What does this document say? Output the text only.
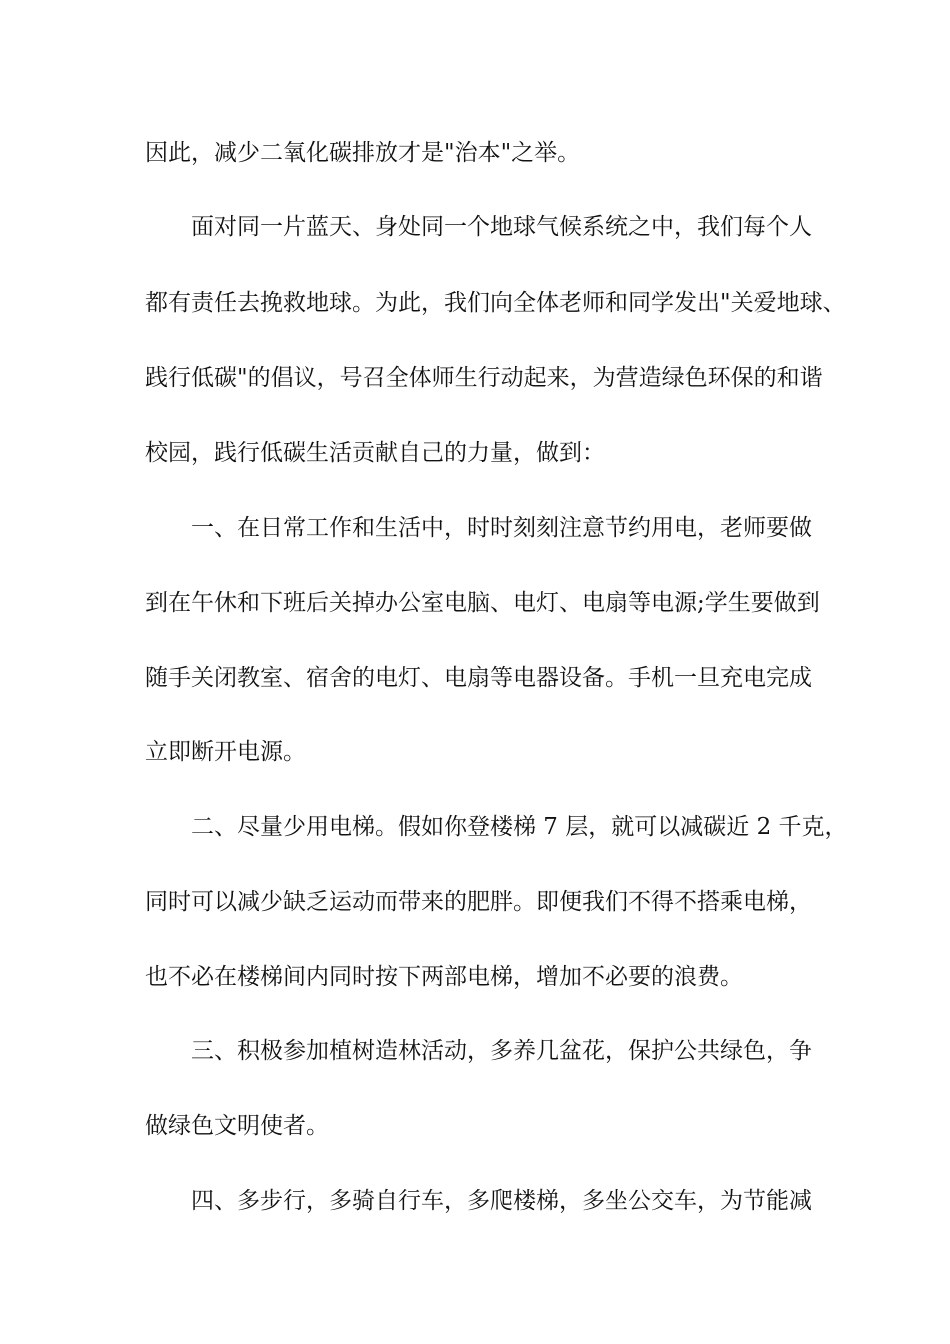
因此，减少二氧化碳排放才是"治本"之举。
面对同一片蓝天、身处同一个地球气候系统之中，我们每个人
都有责任去挽救地球。为此，我们向全体老师和同学发出"关爱地球、
践行低碳"的倡议，号召全体师生行动起来，为营造绿色环保的和谐
校园，践行低碳生活贡献自己的力量，做到：
一、在日常工作和生活中，时时刻刻注意节约用电，老师要做
到在午休和下班后关掉办公室电脑、电灯、电扇等电源;学生要做到
随手关闭教室、宿舍的电灯、电扇等电器设备。手机一旦充电完成
立即断开电源。
二、尽量少用电梯。假如你登楼梯 7 层，就可以减碳近 2 千克，
同时可以减少缺乏运动而带来的肥胖。即便我们不得不搭乘电梯，
也不必在楼梯间内同时按下两部电梯，增加不必要的浪费。
三、积极参加植树造林活动，多养几盆花，保护公共绿色，争
做绿色文明使者。
四、多步行，多骑自行车，多爬楼梯，多坐公交车，为节能减
